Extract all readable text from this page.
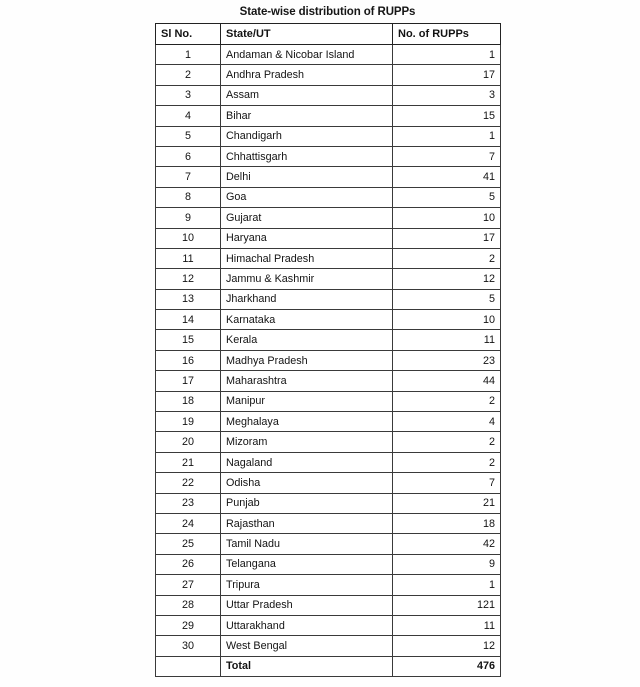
State-wise distribution of RUPPs
Sl No.	State/UT	No. of RUPPs
1	Andaman & Nicobar Island	1
2	Andhra Pradesh	17
3	Assam	3
4	Bihar	15
5	Chandigarh	1
6	Chhattisgarh	7
7	Delhi	41
8	Goa	5
9	Gujarat	10
10	Haryana	17
11	Himachal Pradesh	2
12	Jammu & Kashmir	12
13	Jharkhand	5
14	Karnataka	10
15	Kerala	11
16	Madhya Pradesh	23
17	Maharashtra	44
18	Manipur	2
19	Meghalaya	4
20	Mizoram	2
21	Nagaland	2
22	Odisha	7
23	Punjab	21
24	Rajasthan	18
25	Tamil Nadu	42
26	Telangana	9
27	Tripura	1
28	Uttar Pradesh	121
29	Uttarakhand	11
30	West Bengal	12
	Total	476
